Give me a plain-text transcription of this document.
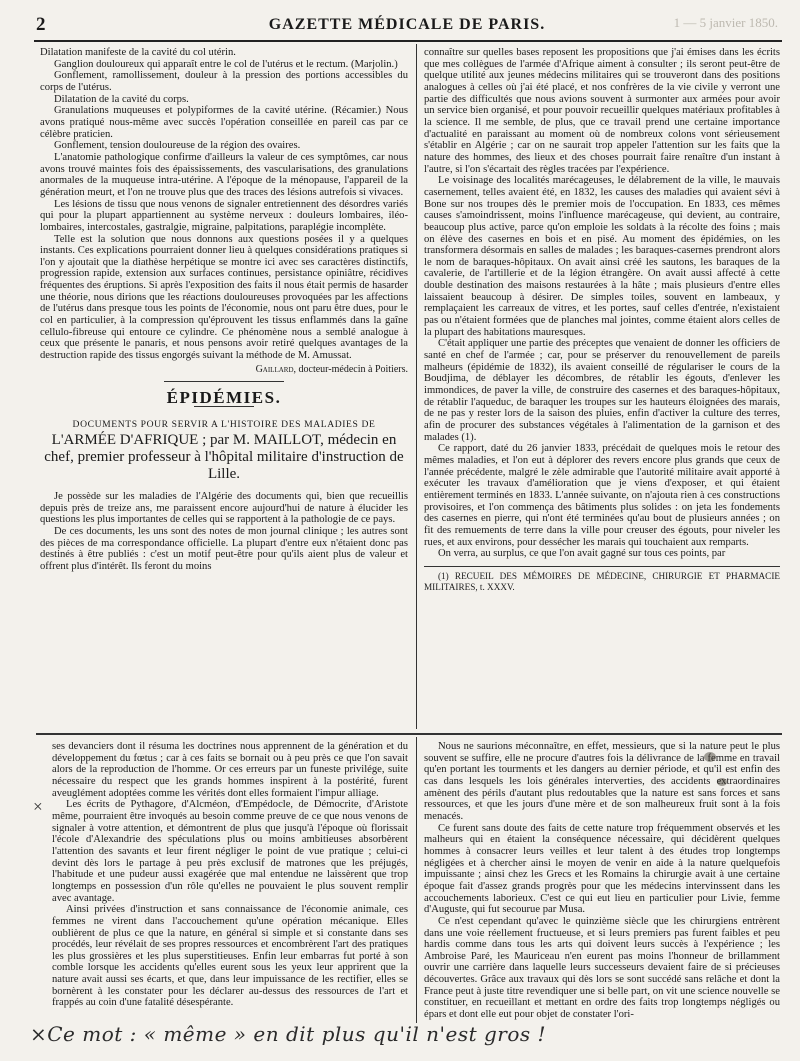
2	GAZETTE MÉDICALE DE PARIS.	1 — 5 janvier 1850.

Dilatation manifeste de la cavité du col utérin.

Ganglion douloureux qui apparaît entre le col de l'utérus et le rectum. (Marjolin.)

Gonflement, ramollissement, douleur à la pression des portions accessibles du corps de l'utérus.

Dilatation de la cavité du corps.

Granulations muqueuses et polypiformes de la cavité utérine. (Récamier.) Nous avons pratiqué nous-même avec succès l'opération conseillée en pareil cas par ce célèbre praticien.

Gonflement, tension douloureuse de la région des ovaires.

L'anatomie pathologique confirme d'ailleurs la valeur de ces symptômes, car nous avons trouvé maintes fois des épaississements, des vascularisations, des granulations anormales de la muqueuse intra-utérine. A l'époque de la ménopause, l'appareil de la génération meurt, et l'on ne trouve plus que des traces des lésions autrefois si vivaces.

Les lésions de tissu que nous venons de signaler entretiennent des désordres variés qui pour la plupart appartiennent au système nerveux : douleurs lombaires, iléo-lombaires, intercostales, gastralgie, migraine, palpitations, paraplégie incomplète.

Telle est la solution que nous donnons aux questions posées il y a quelques instants. Ces explications pourraient donner lieu à quelques considérations pratiques si l'on y ajoutait que la diathèse herpétique se montre ici avec ses caractères distinctifs, progression rapide, extension aux surfaces continues, persistance opiniâtre, récidives fréquentes des éruptions. Si après l'exposition des faits il nous était permis de hasarder une théorie, nous dirions que les réactions douloureuses provoquées par les affections de l'utérus dans presque tous les points de l'économie, nous ont paru être dues, pour le col en particulier, à la compression qu'éprouvent les tissus enflammés dans la gaîne cellulo-fibreuse qui entoure ce cylindre. Ce phénomène nous a semblé analogue à ceux que présente le panaris, et nous pensons avoir retiré quelques avantages de la destruction rapide des tissus engorgés suivant la méthode de M. Amussat.

Gaillard, docteur-médecin à Poitiers.
ÉPIDÉMIES.
DOCUMENTS POUR SERVIR A L'HISTOIRE DES MALADIES DE
L'ARMÉE D'AFRIQUE ; par M. MAILLOT, médecin en chef, premier professeur à l'hôpital militaire d'instruction de Lille.

Je possède sur les maladies de l'Algérie des documents qui, bien que recueillis depuis près de treize ans, me paraissent encore aujourd'hui de nature à élucider les questions les plus importantes de celles qui se rapportent à la pathologie de ce pays.

De ces documents, les uns sont des notes de mon journal clinique ; les autres sont des pièces de ma correspondance officielle. La plupart d'entre eux n'étaient donc pas destinés à être publiés : c'est un motif peut-être pour qu'ils aient plus de valeur et offrent plus d'intérêt. Ils feront du moins

connaître sur quelles bases reposent les propositions que j'ai émises dans les écrits que mes collègues de l'armée d'Afrique aiment à consulter ; ils seront peut-être de quelque utilité aux jeunes médecins militaires qui se trouveront dans des positions analogues à celles où j'ai été placé, et nos confrères de la vie civile y verront une partie des difficultés que nous avions souvent à surmonter aux armées pour avoir un service bien organisé, et pour pouvoir recueillir quelques matériaux profitables à la science. Il me semble, de plus, que ce travail prend une certaine importance d'actualité en paraissant au moment où de nombreux colons vont sérieusement s'établir en Algérie ; car on ne saurait trop appeler l'attention sur les faits que la nature des hommes, des lieux et des choses pourrait faire renaître d'un instant à l'autre, si l'on s'écartait des règles tracées par l'expérience.

Le voisinage des localités marécageuses, le délabrement de la ville, le mauvais casernement, telles avaient été, en 1832, les causes des maladies qui avaient sévi à Bone sur nos troupes dès le premier mois de l'occupation. En 1833, ces mêmes causes s'amoindrissent, moins l'influence marécageuse, qui devient, au contraire, beaucoup plus active, parce qu'on emploie les soldats à la récolte des foins ; mais on élève des casernes en bois et en pisé. Au moment des épidémies, on les transformera désormais en salles de malades ; les baraques-casernes prendront alors le nom de baraques-hôpitaux. On avait ainsi créé les sautons, les baraques de la cavalerie, de l'artillerie et de la légion étrangère. On avait aussi affecté à cette double destination des maisons restaurées à la hâte ; mais plusieurs d'entre elles laissaient beaucoup à désirer. De simples toiles, souvent en lambeaux, y remplaçaient les carreaux de vitres, et les portes, sauf celles d'entrée, n'existaient pas ou n'étaient formées que de planches mal jointes, comme étaient alors celles de la plupart des habitations mauresques.

C'était appliquer une partie des préceptes que venaient de donner les officiers de santé en chef de l'armée ; car, pour se préserver du renouvellement de pareils malheurs (épidémie de 1832), ils avaient conseillé de régulariser le cours de la Boudjima, de déblayer les décombres, de rétablir les égouts, d'enlever les immondices, de paver la ville, de construire des casernes et des baraques-hôpitaux, de rétablir l'aqueduc, de baraquer les troupes sur les hauteurs éloignées des marais, de ne pas y rester lors de la saison des pluies, enfin d'activer la culture des terres, afin de procurer des substances végétales à l'alimentation de la garnison et des malades (1).

Ce rapport, daté du 26 janvier 1833, précédait de quelques mois le retour des mêmes maladies, et l'on eut à déplorer des revers encore plus grands que ceux de l'année précédente, malgré le zèle admirable que l'autorité militaire avait apporté à exécuter les travaux d'amélioration que je viens d'exposer, et qui étaient entièrement terminés en 1833. L'année suivante, on n'ajouta rien à ces constructions provisoires, et l'on commença des bâtiments plus solides : on jeta les fondements des casernes en pierre, qui n'ont été terminées qu'au bout de plusieurs années ; on fit des remuements de terre dans la ville pour creuser des égouts, pour niveler les rues, et aux environs, pour dessécher les marais qui touchaient aux remparts.

On verra, au surplus, ce que l'on avait gagné sur tous ces points, par

(1) RECUEIL DES MÉMOIRES DE MÉDECINE, CHIRURGIE ET PHARMACIE MILITAIRES, t. XXXV.
×

ses devanciers dont il résuma les doctrines nous apprennent de la génération et du développement du fœtus ; car à ces faits se bornait ou à peu près ce que l'on savait alors de la reproduction de l'homme. Or ces erreurs par un funeste privilége, suite nécessaire du respect que les grands hommes inspirent à la postérité, furent aveuglément adoptées comme les vérités dont elles formaient l'impur alliage.

Les écrits de Pythagore, d'Alcméon, d'Empédocle, de Démocrite, d'Aristote même, pourraient être invoqués au besoin comme preuve de ce que nous venons de signaler à votre attention, et démontrent de plus que jusqu'à l'époque où florissait l'école d'Alexandrie des spéculations plus ou moins ambitieuses absorbèrent l'attention des savants et leur firent négliger le point de vue pratique ; celui-ci devint dès lors le partage à peu près exclusif de matrones que les préjugés, l'habitude et une pudeur aussi exagérée que mal entendue ne laissèrent que trop longtemps en possession d'un rôle qu'elles ne pouvaient le plus souvent remplir avec avantage.

Ainsi privées d'instruction et sans connaissance de l'économie animale, ces femmes ne virent dans l'accouchement qu'une opération mécanique. Elles oublièrent de plus ce que la nature, en général si simple et si constante dans ses procédés, leur révélait de ses propres ressources et encombrèrent l'art des pratiques les plus grossières et les plus superstitieuses. Enfin leur embarras fut porté à son comble lorsque les accidents qu'elles eurent sous les yeux leur apprirent que la nature avait aussi ses écarts, et que, dans leur impuissance de les rectifier, elles se bornèrent à les constater pour les déclarer au-dessus des ressources de l'art et frappés au coin d'une fatalité désespérante.

Nous ne saurions méconnaître, en effet, messieurs, que si la nature peut le plus souvent se suffire, elle ne procure d'autres fois la délivrance de la femme en travail qu'en portant les tourments et les dangers au dernier période, et qu'il est enfin des cas dans lesquels les lois générales interverties, des accidents extraordinaires amènent des périls d'autant plus redoutables que la nature est sans forces et sans ressources, et que les jours d'une mère et de son malheureux fruit sont à la fois menacés.

Ce furent sans doute des faits de cette nature trop fréquemment observés et les malheurs qui en étaient la conséquence nécessaire, qui décidèrent quelques hommes à consacrer leurs veilles et leur talent à des études trop longtemps négligées et à chercher ainsi le moyen de venir en aide à la nature quelquefois impuissante ; ainsi chez les Grecs et les Romains la chirurgie avait à une certaine époque fait d'assez grands progrès pour que les médecins intervinssent dans les accouchements laborieux. C'est ce qui eut lieu en particulier pour Livie, femme d'Auguste, qui fut secourue par Musa.

Ce n'est cependant qu'avec le quinzième siècle que les chirurgiens entrèrent dans une voie réellement fructueuse, et si leurs premiers pas furent faibles et peu hardis comme dans tous les arts qui doivent leurs succès à l'expérience ; les Ambroise Paré, les Mauriceau n'en eurent pas moins l'honneur de brillamment ouvrir une carrière dans laquelle leurs successeurs devaient faire de si précieuses découvertes. Grâce aux travaux qui dès lors se sont succédé sans relâche et dont la France peut à juste titre revendiquer une si belle part, on vit une science nouvelle se constituer, en recueillant et mettant en ordre des faits trop longtemps négligés ou épars et dont elle eut pour objet de constater l'ori-

×Ce mot : « même » en dit plus qu'il n'est gros !
